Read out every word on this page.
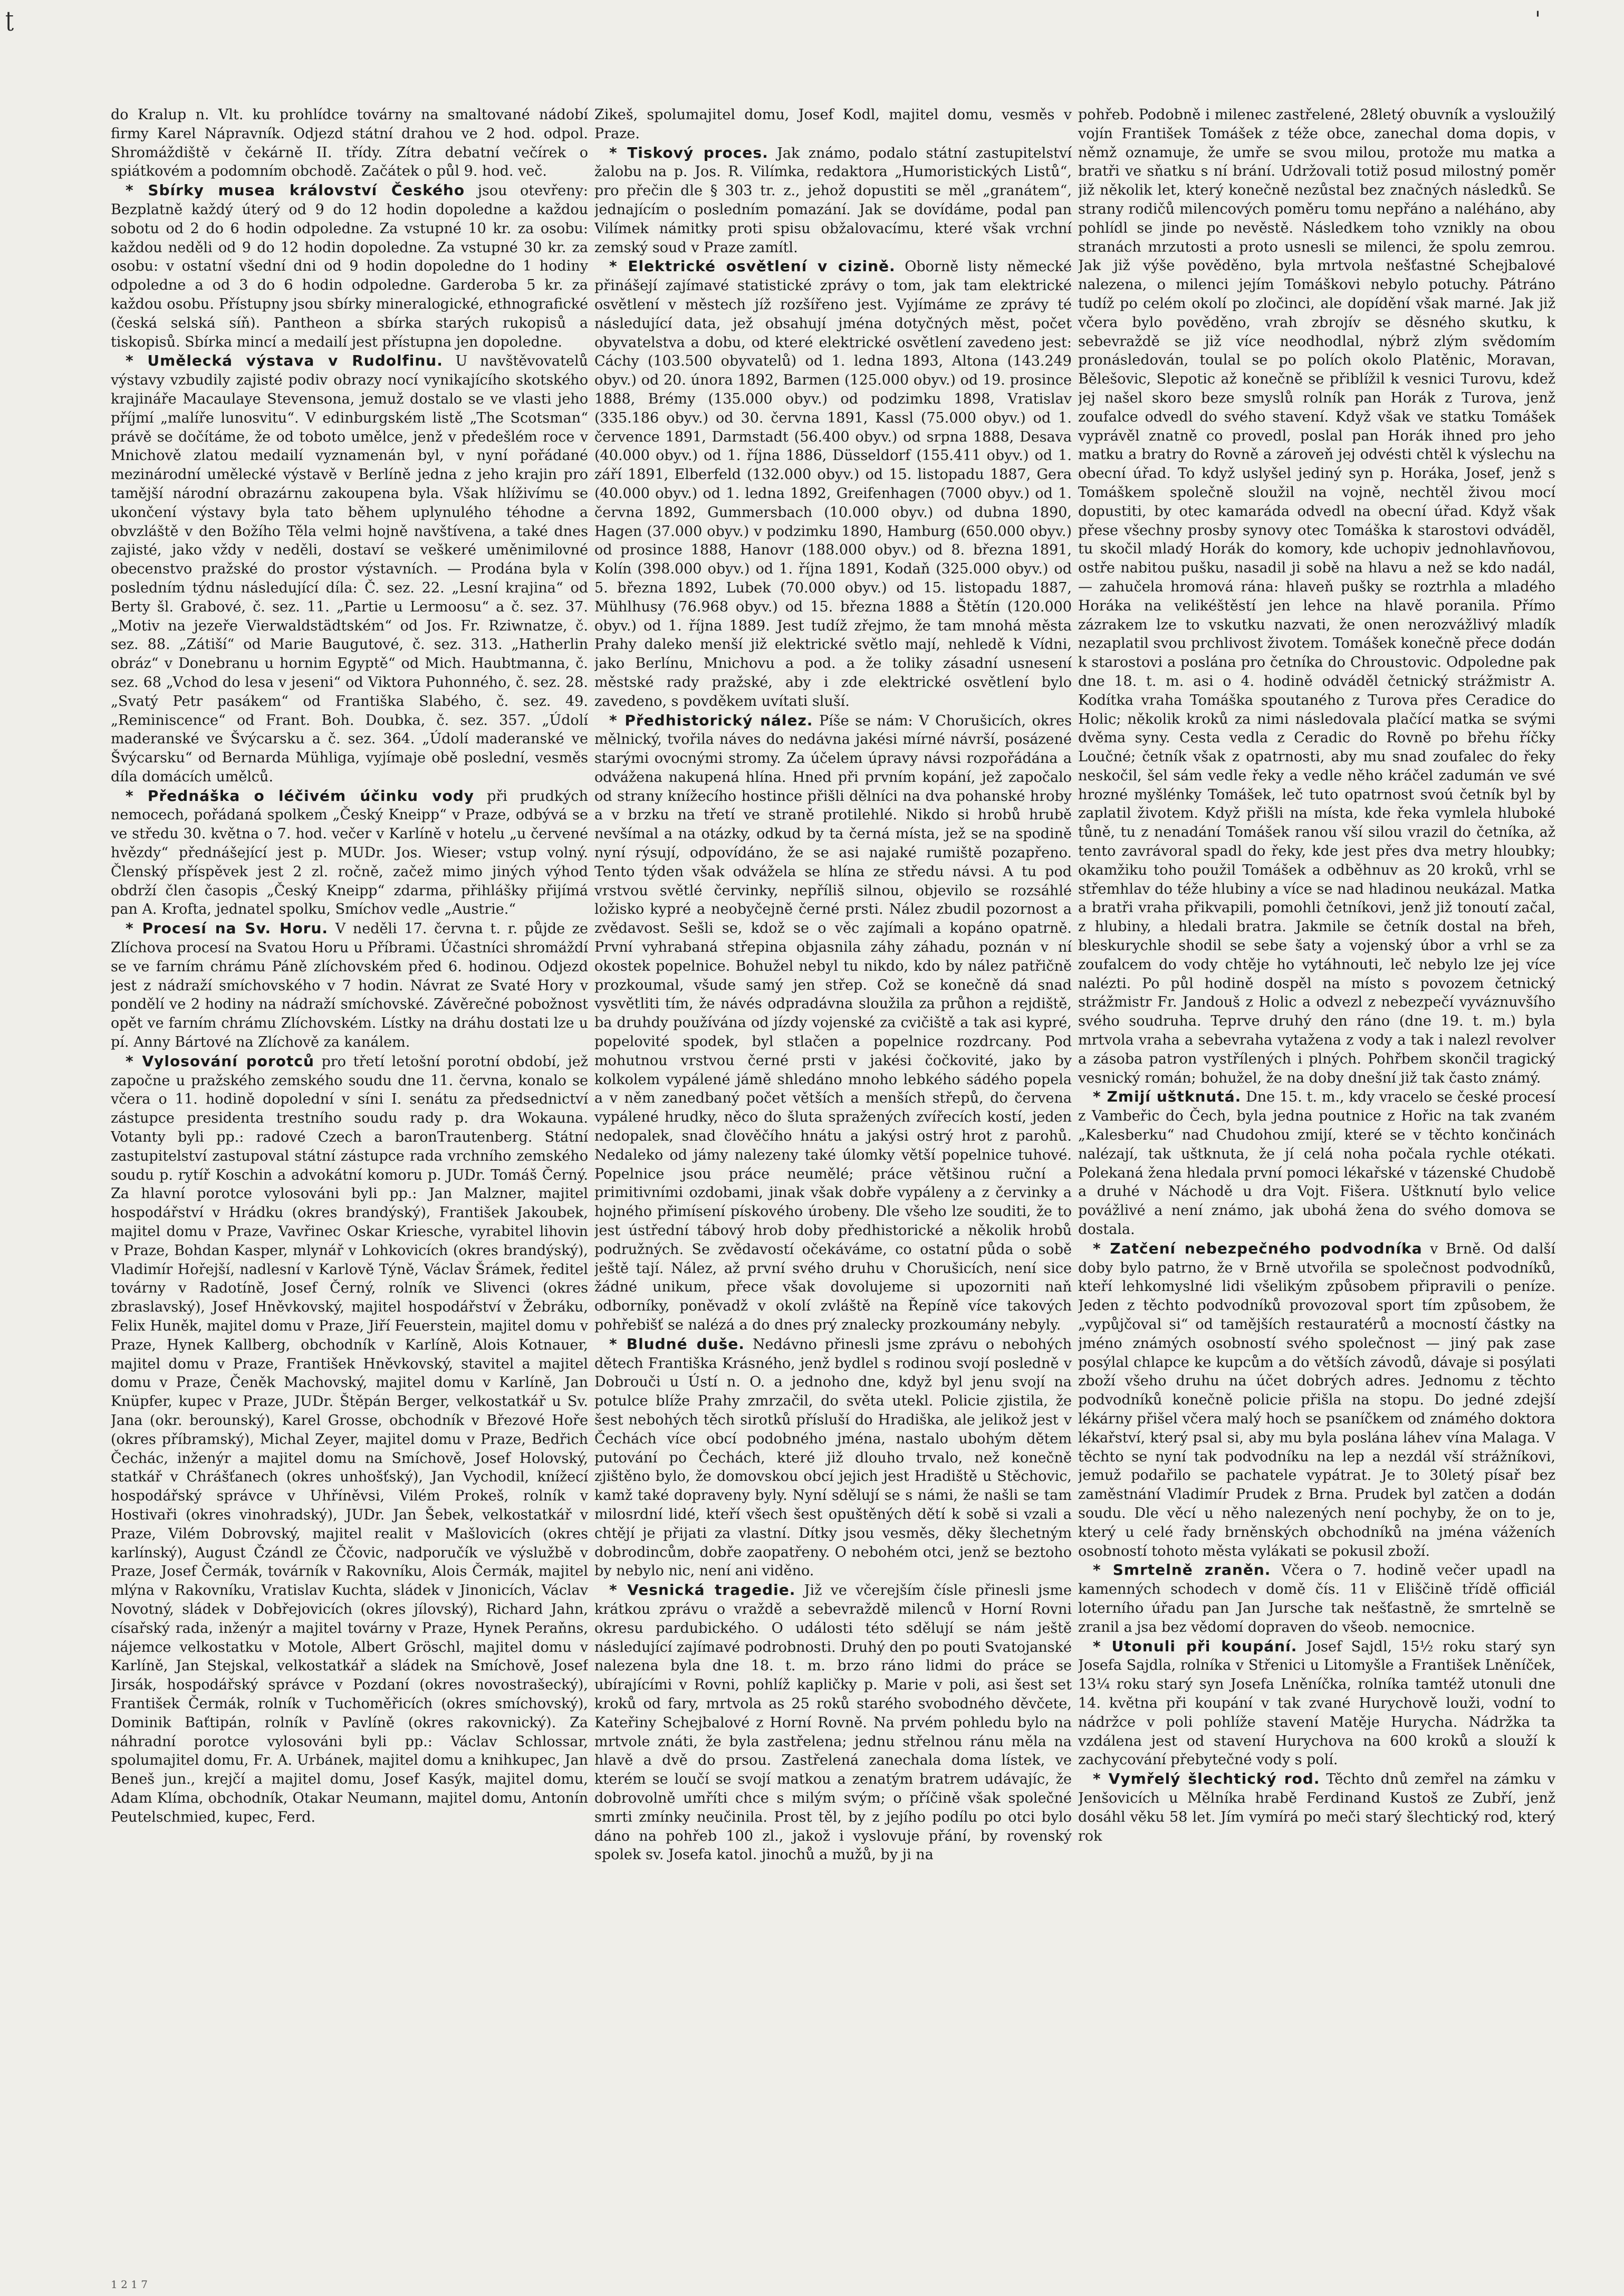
ʈ	'

do Kralup n. Vlt. ku prohlídce továrny na smaltované nádobí firmy Karel Nápravník. Odjezd státní drahou ve 2 hod. odpol. Shromáždiště v čekárně II. třídy. Zítra debatní večírek o spiátkovém a podomním obchodě. Začátek o půl 9. hod. več.

* Sbírky musea království Českého jsou otevřeny: Bezplatně každý úterý od 9 do 12 hodin dopoledne a každou sobotu od 2 do 6 hodin odpoledne. Za vstupné 10 kr. za osobu: každou neděli od 9 do 12 hodin dopoledne. Za vstupné 30 kr. za osobu: v ostatní všední dni od 9 hodin dopoledne do 1 hodiny odpoledne a od 3 do 6 hodin odpoledne. Garderoba 5 kr. za každou osobu. Přístupny jsou sbírky mineralogické, ethnografické (česká selská síň). Pantheon a sbírka starých rukopisů a tiskopisů. Sbírka mincí a medailí jest přístupna jen dopoledne.

* Umělecká výstava v Rudolfinu. U navštěvovatelů výstavy vzbudily zajisté podiv obrazy nocí vynikajícího skotského krajináře Macaulaye Stevensona, jemuž dostalo se ve vlasti jeho příjmí „malíře lunosvitu“. V edinburgském listě „The Scotsman“ právě se dočítáme, že od toboto umělce, jenž v předešlém roce v Mnichově zlatou medailí vyznamenán byl, v nyní pořádané mezinárodní umělecké výstavě v Berlíně jedna z jeho krajin pro tamější národní obrazárnu zakoupena byla. Však hlíživímu se ukončení výstavy byla tato během uplynulého téhodne a obvzláště v den Božího Těla velmi hojně navštívena, a také dnes zajisté, jako vždy v neděli, dostaví se veškeré uměnimilovné obecenstvo pražské do prostor výstavních. — Prodána byla v posledním týdnu následující díla: Č. sez. 22. „Lesní krajina“ od Berty šl. Grabové, č. sez. 11. „Partie u Lermoosu“ a č. sez. 37. „Motiv na jezeře Vierwaldstädtském“ od Jos. Fr. Rziwnatze, č. sez. 88. „Zátiší“ od Marie Baugutové, č. sez. 313. „Hatherlin obráz“ v Donebranu u hornim Egyptě“ od Mich. Haubtmanna, č. sez. 68 „Vchod do lesa v jeseni“ od Viktora Puhonného, č. sez. 28. „Svatý Petr pasákem“ od Františka Slabého, č. sez. 49. „Reminiscence“ od Frant. Boh. Doubka, č. sez. 357. „Údolí maderanské ve Švýcarsku a č. sez. 364. „Údolí maderanské ve Švýcarsku“ od Bernarda Mühliga, vyjímaje obě poslední, vesměs díla domácích umělců.

* Přednáška o léčivém účinku vody při prudkých nemocech, pořádaná spolkem „Český Kneipp“ v Praze, odbývá se ve středu 30. května o 7. hod. večer v Karlíně v hotelu „u červené hvězdy“ přednášející jest p. MUDr. Jos. Wieser; vstup volný. Členský příspěvek jest 2 zl. ročně, začež mimo jiných výhod obdrží člen časopis „Český Kneipp“ zdarma, přihlášky přijímá pan A. Krofta, jednatel spolku, Smíchov vedle „Austrie.“

* Procesí na Sv. Horu. V neděli 17. června t. r. půjde ze Zlíchova procesí na Svatou Horu u Příbrami. Účastníci shromáždí se ve farním chrámu Páně zlíchovském před 6. hodinou. Odjezd jest z nádraží smíchovského v 7 hodin. Návrat ze Svaté Hory v pondělí ve 2 hodiny na nádraží smíchovské. Závěrečné pobožnost opět ve farním chrámu Zlíchovském. Lístky na dráhu dostati lze u pí. Anny Bártové na Zlíchově za kanálem.

* Vylosování porotců pro třetí letošní porotní období, jež započne u pražského zemského soudu dne 11. června, konalo se včera o 11. hodině dopolední v síni I. senátu za předsednictví zástupce presidenta trestního soudu rady p. dra Wokauna. Votanty byli pp.: radové Czech a baronTrautenberg. Státní zastupitelství zastupoval státní zástupce rada vrchního zemského soudu p. rytíř Koschin a advokátní komoru p. JUDr. Tomáš Černý. Za hlavní porotce vylosováni byli pp.: Jan Malzner, majitel hospodářství v Hrádku (okres brandýský), František Jakoubek, majitel domu v Praze, Vavřinec Oskar Kriesche, vyrabitel lihovin v Praze, Bohdan Kasper, mlynář v Lohkovicích (okres brandýský), Vladimír Hořejší, nadlesní v Karlově Týně, Václav Šrámek, ředitel továrny v Radotíně, Josef Černý, rolník ve Slivenci (okres zbraslavský), Josef Hněvkovský, majitel hospodářství v Žebráku, Felix Huněk, majitel domu v Praze, Jiří Feuerstein, majitel domu v Praze, Hynek Kallberg, obchodník v Karlíně, Alois Kotnauer, majitel domu v Praze, František Hněvkovský, stavitel a majitel domu v Praze, Čeněk Machovský, majitel domu v Karlíně, Jan Knüpfer, kupec v Praze, JUDr. Štěpán Berger, velkostatkář u Sv. Jana (okr. berounský), Karel Grosse, obchodník v Březové Hoře (okres příbramský), Michal Zeyer, majitel domu v Praze, Bedřich Čechác, inženýr a majitel domu na Smíchově, Josef Holovský, statkář v Chrášťanech (okres unhošťský), Jan Vychodil, knížecí hospodářský správce v Uhříněvsi, Vilém Prokeš, rolník v Hostivaři (okres vinohradský), JUDr. Jan Šebek, velkostatkář v Praze, Vilém Dobrovský, majitel realit v Mašlovicích (okres karlínský), August Čzándl ze Ččovic, nadporučík ve výslužbě v Praze, Josef Čermák, továrník v Rakovníku, Alois Čermák, majitel mlýna v Rakovníku, Vratislav Kuchta, sládek v Jinonicích, Václav Novotný, sládek v Dobřejovicích (okres jílovský), Richard Jahn, císařský rada, inženýr a majitel továrny v Praze, Hynek Peraňns, nájemce velkostatku v Motole, Albert Gröschl, majitel domu v Karlíně, Jan Stejskal, velkostatkář a sládek na Smíchově, Josef Jirsák, hospodářský správce v Pozdaní (okres novostrašecký), František Čermák, rolník v Tuchoměřicích (okres smíchovský), Dominik Baťtipán, rolník v Pavlíně (okres rakovnický). Za náhradní porotce vylosováni byli pp.: Václav Schlossar, spolumajitel domu, Fr. A. Urbánek, majitel domu a knihkupec, Jan Beneš jun., krejčí a majitel domu, Josef Kasýk, majitel domu, Adam Klíma, obchodník, Otakar Neumann, majitel domu, Antonín Peutelschmied, kupec, Ferd.

Zikeš, spolumajitel domu, Josef Kodl, majitel domu, vesměs v Praze.

* Tiskový proces. Jak známo, podalo státní zastupitelství žalobu na p. Jos. R. Vilímka, redaktora „Humoristických Listů“, pro přečin dle § 303 tr. z., jehož dopustiti se měl „granátem“, jednajícím o posledním pomazání. Jak se dovídáme, podal pan Vilímek námitky proti spisu obžalovacímu, které však vrchní zemský soud v Praze zamítl.

* Elektrické osvětlení v cizině. Oborně listy německé přinášejí zajímavé statistické zprávy o tom, jak tam elektrické osvětlení v městech jíž rozšířeno jest. Vyjímáme ze zprávy té následující data, jež obsahují jména dotyčných měst, počet obyvatelstva a dobu, od které elektrické osvětlení zavedeno jest: Cáchy (103.500 obyvatelů) od 1. ledna 1893, Altona (143.249 obyv.) od 20. února 1892, Barmen (125.000 obyv.) od 19. prosince 1888, Brémy (135.000 obyv.) od podzimku 1898, Vratislav (335.186 obyv.) od 30. června 1891, Kassl (75.000 obyv.) od 1. července 1891, Darmstadt (56.400 obyv.) od srpna 1888, Desava (40.000 obyv.) od 1. října 1886, Düsseldorf (155.411 obyv.) od 1. září 1891, Elberfeld (132.000 obyv.) od 15. listopadu 1887, Gera (40.000 obyv.) od 1. ledna 1892, Greifenhagen (7000 obyv.) od 1. června 1892, Gummersbach (10.000 obyv.) od dubna 1890, Hagen (37.000 obyv.) v podzimku 1890, Hamburg (650.000 obyv.) od prosince 1888, Hanovr (188.000 obyv.) od 8. března 1891, Kolín (398.000 obyv.) od 1. října 1891, Kodaň (325.000 obyv.) od 5. března 1892, Lubek (70.000 obyv.) od 15. listopadu 1887, Mühlhusy (76.968 obyv.) od 15. března 1888 a Štětín (120.000 obyv.) od 1. října 1889. Jest tudíž zřejmo, že tam mnohá města Prahy daleko menší již elektrické světlo mají, nehledě k Vídni, jako Berlínu, Mnichovu a pod. a že toliky zásadní usnesení městské rady pražské, aby i zde elektrické osvětlení bylo zavedeno, s povděkem uvítati sluší.

* Předhistorický nález. Píše se nám: V Chorušicích, okres mělnický, tvořila náves do nedávna jakési mírné návrší, posázené starými ovocnými stromy. Za účelem úpravy návsi rozpořádána a odvážena nakupená hlína. Hned při prvním kopání, jež započalo od strany knížecího hostince přišli dělníci na dva pohanské hroby a v brzku na třetí ve straně protilehlé. Nikdo si hrobů hrubě nevšímal a na otázky, odkud by ta černá místa, jež se na spodině nyní rýsují, odpovídáno, že se asi najaké rumiště pozapřeno. Tento týden však odvážela se hlína ze středu návsi. A tu pod vrstvou světlé červinky, nepříliš silnou, objevilo se rozsáhlé ložisko kypré a neobyčejně černé prsti. Nález zbudil pozornost a zvědavost. Sešli se, kdož se o věc zajímali a kopáno opatrně. První vyhrabaná střepina objasnila záhy záhadu, poznán v ní okostek popelnice. Bohužel nebyl tu nikdo, kdo by nález patřičně prozkoumal, všude samý jen střep. Což se konečně dá snad vysvětliti tím, že návés odpradávna sloužila za průhon a rejdiště, ba druhdy používána od jízdy vojenské za cvičiště a tak asi kypré, popelovité spodek, byl stlačen a popelnice rozdrcany. Pod mohutnou vrstvou černé prsti v jakési čočkovité, jako by kolkolem vypálené jámě shledáno mnoho lebkého sádého popela a v něm zanedbaný počet větších a menších střepů, do červena vypálené hrudky, něco do šluta spražených zvířecích kostí, jeden nedopalek, snad člověčího hnátu a jakýsi ostrý hrot z parohů. Nedaleko od jámy nalezeny také úlomky větší popelnice tuhové. Popelnice jsou práce neumělé; práce většinou ruční a primitivními ozdobami, jinak však dobře vypáleny a z červinky a hojného přimísení pískového úrobeny. Dle všeho lze souditi, že to jest ústřední tábový hrob doby předhistorické a několik hrobů podružných. Se zvědavostí očekáváme, co ostatní půda o sobě ještě tají. Nález, až první svého druhu v Chorušicích, není sice žádné unikum, přece však dovolujeme si upozorniti naň odborníky, poněvadž v okolí zvláště na Řepíně více takových pohřebišť se nalézá a do dnes prý znalecky prozkoumány nebyly.

* Bludné duše. Nedávno přinesli jsme zprávu o nebohých dětech Františka Krásného, jenž bydlel s rodinou svojí posledně v Dobrouči u Ústí n. O. a jednoho dne, když byl jenu svojí na potulce blíže Prahy zmrzačil, do světa utekl. Policie zjistila, že šest nebohých těch sirotků přísluší do Hradiška, ale jelikož jest v Čechách více obcí podobného jména, nastalo ubohým dětem putování po Čechách, které již dlouho trvalo, než konečně zjištěno bylo, že domovskou obcí jejich jest Hradiště u Stěchovic, kamž také dopraveny byly. Nyní sdělují se s námi, že našli se tam milosrdní lidé, kteří všech šest opuštěných dětí k sobě si vzali a chtějí je přijati za vlastní. Dítky jsou vesměs, děky šlechetným dobrodincům, dobře zaopatřeny. O nebohém otci, jenž se beztoho by nebylo nic, není ani viděno.

* Vesnická tragedie. Již ve včerejším čísle přinesli jsme krátkou zprávu o vraždě a sebevraždě milenců v Horní Rovni okresu pardubického. O události této sdělují se nám ještě následující zajímavé podrobnosti. Druhý den po pouti Svatojanské nalezena byla dne 18. t. m. brzo ráno lidmi do práce se ubírajícími v Rovni, pohlíž kapličky p. Marie v poli, asi šest set kroků od fary, mrtvola as 25 roků starého svobodného děvčete, Kateřiny Schejbalové z Horní Rovně. Na prvém pohledu bylo na mrtvole znáti, že byla zastřelena; jednu střelnou ránu měla na hlavě a dvě do prsou. Zastřelená zanechala doma lístek, ve kterém se loučí se svojí matkou a zenatým bratrem udávajíc, že dobrovolně umříti chce s milým svým; o příčině však společné smrti zmínky neučinila. Prost těl, by z jejího podílu po otci bylo dáno na pohřeb 100 zl., jakož i vyslovuje přání, by rovenský spolek sv. Josefa katol. jinochů a mužů, by ji na

pohřeb. Podobně i milenec zastřelené, 28letý obuvník a vysloužilý vojín František Tomášek z téže obce, zanechal doma dopis, v němž oznamuje, že umře se svou milou, protože mu matka a bratři ve sňatku s ní brání. Udržovali totiž posud milostný poměr již několik let, který konečně nezůstal bez značných následků. Se strany rodičů milencových poměru tomu nepřáno a naléháno, aby pohlídl se jinde po nevěstě. Následkem toho vznikly na obou stranách mrzutosti a proto usnesli se milenci, že spolu zemrou. Jak již výše pověděno, byla mrtvola nešťastné Schejbalové nalezena, o milenci jejím Tomáškovi nebylo potuchy. Pátráno tudíž po celém okolí po zločinci, ale dopídění však marné. Jak již včera bylo pověděno, vrah zbrojív se děsného skutku, k sebevraždě se již více neodhodlal, nýbrž zlým svědomím pronásledován, toulal se po polích okolo Platěnic, Moravan, Bělešovic, Slepotic až konečně se přiblížil k vesnici Turovu, kdež jej našel skoro beze smyslů rolník pan Horák z Turova, jenž zoufalce odvedl do svého stavení. Když však ve statku Tomášek vyprávěl znatně co provedl, poslal pan Horák ihned pro jeho matku a bratry do Rovně a zároveň jej odvésti chtěl k výslechu na obecní úřad. To když uslyšel jediný syn p. Horáka, Josef, jenž s Tomáškem společně sloužil na vojně, nechtěl živou mocí dopustiti, by otec kamaráda odvedl na obecní úřad. Když však přese všechny prosby synovy otec Tomáška k starostovi odváděl, tu skočil mladý Horák do komory, kde uchopiv jednohlavňovou, ostře nabitou pušku, nasadil ji sobě na hlavu a než se kdo nadál, — zahučela hromová rána: hlaveň pušky se roztrhla a mladého Horáka na velikéštěstí jen lehce na hlavě poranila. Přímo zázrakem lze to vskutku nazvati, že onen nerozvážlivý mladík nezaplatil svou prchlivost životem. Tomášek konečně přece dodán k starostovi a poslána pro četníka do Chroustovic. Odpoledne pak dne 18. t. m. asi o 4. hodině odváděl četnický strážmistr A. Kodítka vraha Tomáška spoutaného z Turova přes Ceradice do Holic; několik kroků za nimi následovala plačící matka se svými dvěma syny. Cesta vedla z Ceradic do Rovně po břehu říčky Loučné; četník však z opatrnosti, aby mu snad zoufalec do řeky neskočil, šel sám vedle řeky a vedle něho kráčel zadumán ve své hrozné myšlénky Tomášek, leč tuto opatrnost svoú četník byl by zaplatil životem. Když přišli na místa, kde řeka vymlela hluboké tůně, tu z nenadání Tomášek ranou vší silou vrazil do četníka, až tento zavrávoral spadl do řeky, kde jest přes dva metry hloubky; okamžiku toho použil Tomášek a odběhnuv as 20 kroků, vrhl se střemhlav do téže hlubiny a více se nad hladinou neukázal. Matka a bratři vraha přikvapili, pomohli četníkovi, jenž již tonoutí začal, z hlubiny, a hledali bratra. Jakmile se četník dostal na břeh, bleskurychle shodil se sebe šaty a vojenský úbor a vrhl se za zoufalcem do vody chtěje ho vytáhnouti, leč nebylo lze jej více nalézti. Po půl hodině dospěl na místo s povozem četnický strážmistr Fr. Jandouš z Holic a odvezl z nebezpečí vyváznuvšího svého soudruha. Teprve druhý den ráno (dne 19. t. m.) byla mrtvola vraha a sebevraha vytažena z vody a tak i nalezl revolver a zásoba patron vystřílených i plných. Pohřbem skončil tragický vesnický román; bohužel, že na doby dnešní již tak často známý.

* Zmijí uštknutá. Dne 15. t. m., kdy vracelo se české procesí z Vambeřic do Čech, byla jedna poutnice z Hořic na tak zvaném „Kalesberku“ nad Chudohou zmijí, které se v těchto končinách nalézají, tak uštknuta, že jí celá noha počala rychle otékati. Polekaná žena hledala první pomoci lékařské v tázenské Chudobě a druhé v Náchodě u dra Vojt. Fišera. Uštknutí bylo velice povážlivé a není známo, jak ubohá žena do svého domova se dostala.

* Zatčení nebezpečného podvodníka v Brně. Od další doby bylo patrno, že v Brně utvořila se společnost podvodníků, kteří lehkomyslné lidi všelikým způsobem připravili o peníze. Jeden z těchto podvodníků provozoval sport tím způsobem, že „vypůjčoval si“ od tamějších restauratérů a mocností částky na jméno známých osobností svého společnost — jiný pak zase posýlal chlapce ke kupcům a do větších závodů, dávaje si posýlati zboží všeho druhu na účet dobrých adres. Jednomu z těchto podvodníků konečně policie přišla na stopu. Do jedné zdejší lékárny přišel včera malý hoch se psaníčkem od známého doktora lékařství, který psal si, aby mu byla poslána láhev vína Malaga. V těchto se nyní tak podvodníku na lep a nezdál vší strážníkovi, jemuž podařilo se pachatele vypátrat. Je to 30letý písař bez zaměstnání Vladimír Prudek z Brna. Prudek byl zatčen a dodán soudu. Dle věcí u něho nalezených není pochyby, že on to je, který u celé řady brněnských obchodníků na jména váženích osobností tohoto města vylákati se pokusil zboží.

* Smrtelně zraněn. Včera o 7. hodině večer upadl na kamenných schodech v domě čís. 11 v Eliščině třídě officiál loterního úřadu pan Jan Jursche tak nešťastně, že smrtelně se zranil a jsa bez vědomí dopraven do všeob. nemocnice.

* Utonuli při koupání. Josef Sajdl, 15½ roku starý syn Josefa Sajdla, rolníka v Střenici u Litomyšle a František Lněníček, 13¼ roku starý syn Josefa Lněníčka, rolníka tamtéž utonuli dne 14. května při koupání v tak zvané Hurychově louži, vodní to nádržce v poli pohlíže stavení Matěje Hurycha. Nádržka ta vzdálena jest od stavení Hurychova na 600 kroků a slouží k zachycování přebytečné vody s polí.

* Vymřelý šlechtický rod. Těchto dnů zemřel na zámku v Jenšovicích u Mělníka hrabě Ferdinand Kustoš ze Zubří, jenž dosáhl věku 58 let. Jím vymírá po meči starý šlechtický rod, který rok

1 2 1 7
